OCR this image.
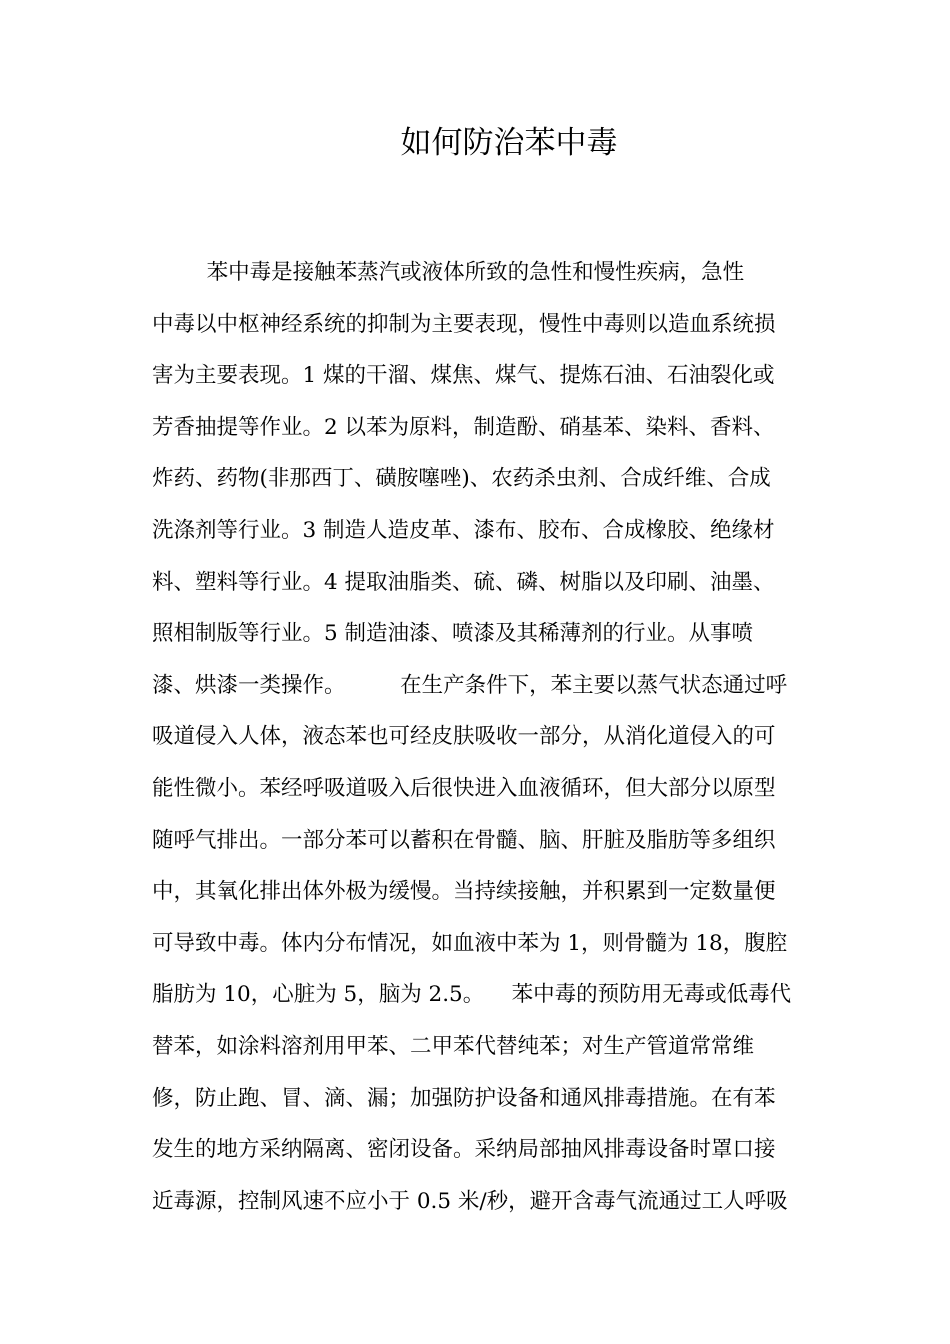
如何防治苯中毒
苯中毒是接触苯蒸汽或液体所致的急性和慢性疾病，急性
中毒以中枢神经系统的抑制为主要表现，慢性中毒则以造血系统损
害为主要表现。1 煤的干溜、煤焦、煤气、提炼石油、石油裂化或
芳香抽提等作业。2 以苯为原料，制造酚、硝基苯、染料、香料、
炸药、药物(非那西丁、磺胺噻唑)、农药杀虫剂、合成纤维、合成
洗涤剂等行业。3 制造人造皮革、漆布、胶布、合成橡胶、绝缘材
料、塑料等行业。4 提取油脂类、硫、磷、树脂以及印刷、油墨、
照相制版等行业。5 制造油漆、喷漆及其稀薄剂的行业。从事喷
漆、烘漆一类操作。        在生产条件下，苯主要以蒸气状态通过呼
吸道侵入人体，液态苯也可经皮肤吸收一部分，从消化道侵入的可
能性微小。苯经呼吸道吸入后很快进入血液循环，但大部分以原型
随呼气排出。一部分苯可以蓄积在骨髓、脑、肝脏及脂肪等多组织
中，其氧化排出体外极为缓慢。当持续接触，并积累到一定数量便
可导致中毒。体内分布情况，如血液中苯为 1，则骨髓为 18，腹腔
脂肪为 10，心脏为 5，脑为 2.5。    苯中毒的预防用无毒或低毒代
替苯，如涂料溶剂用甲苯、二甲苯代替纯苯；对生产管道常常维
修，防止跑、冒、滴、漏；加强防护设备和通风排毒措施。在有苯
发生的地方采纳隔离、密闭设备。采纳局部抽风排毒设备时罩口接
近毒源，控制风速不应小于 0.5 米/秒，避开含毒气流通过工人呼吸
